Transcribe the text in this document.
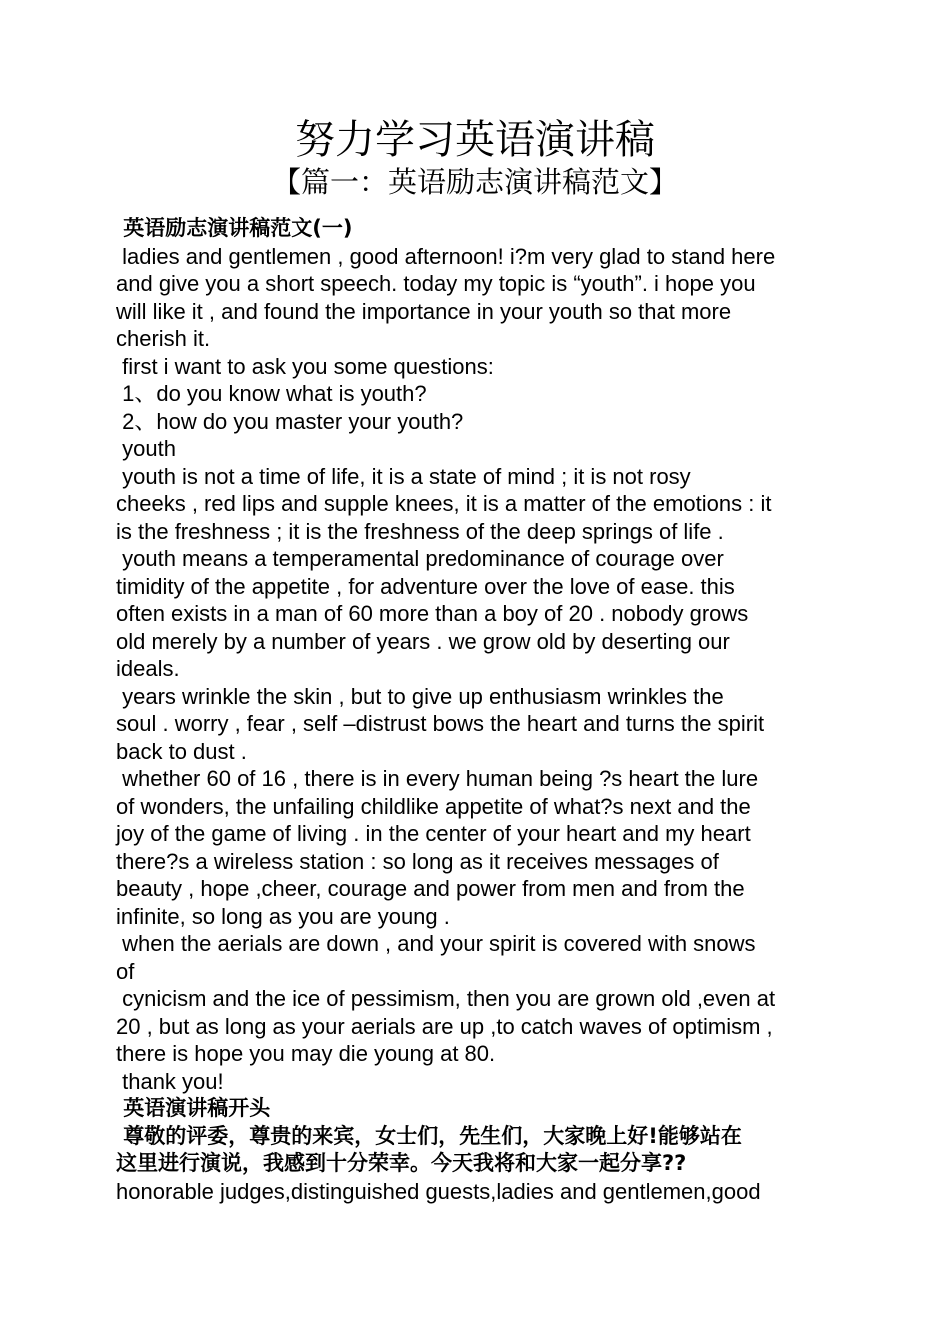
努力学习英语演讲稿
【篇一：英语励志演讲稿范文】
英语励志演讲稿范文(一)
ladies and gentlemen , good afternoon! i?m very glad to stand here
and give you a short speech. today my topic is “youth”. i hope you
will like it , and found the importance in your youth so that more
cherish it.
first i want to ask you some questions:
1、do you know what is youth?
2、how do you master your youth?
youth
youth is not a time of life, it is a state of mind ; it is not rosy
cheeks , red lips and supple knees, it is a matter of the emotions : it
is the freshness ; it is the freshness of the deep springs of life .
youth means a temperamental predominance of courage over
timidity of the appetite , for adventure over the love of ease. this
often exists in a man of 60 more than a boy of 20 . nobody grows
old merely by a number of years . we grow old by deserting our
ideals.
years wrinkle the skin , but to give up enthusiasm wrinkles the
soul . worry , fear , self –distrust bows the heart and turns the spirit
back to dust .
whether 60 of 16 , there is in every human being ?s heart the lure
of wonders, the unfailing childlike appetite of what?s next and the
joy of the game of living . in the center of your heart and my heart
there?s a wireless station : so long as it receives messages of
beauty , hope ,cheer, courage and power from men and from the
infinite, so long as you are young .
when the aerials are down , and your spirit is covered with snows
of
cynicism and the ice of pessimism, then you are grown old ,even at
20 , but as long as your aerials are up ,to catch waves of optimism ,
there is hope you may die young at 80.
thank you!
英语演讲稿开头
尊敬的评委，尊贵的来宾，女士们，先生们，大家晚上好!能够站在
这里进行演说，我感到十分荣幸。今天我将和大家一起分享??
honorable judges,distinguished guests,ladies and gentlemen,good
